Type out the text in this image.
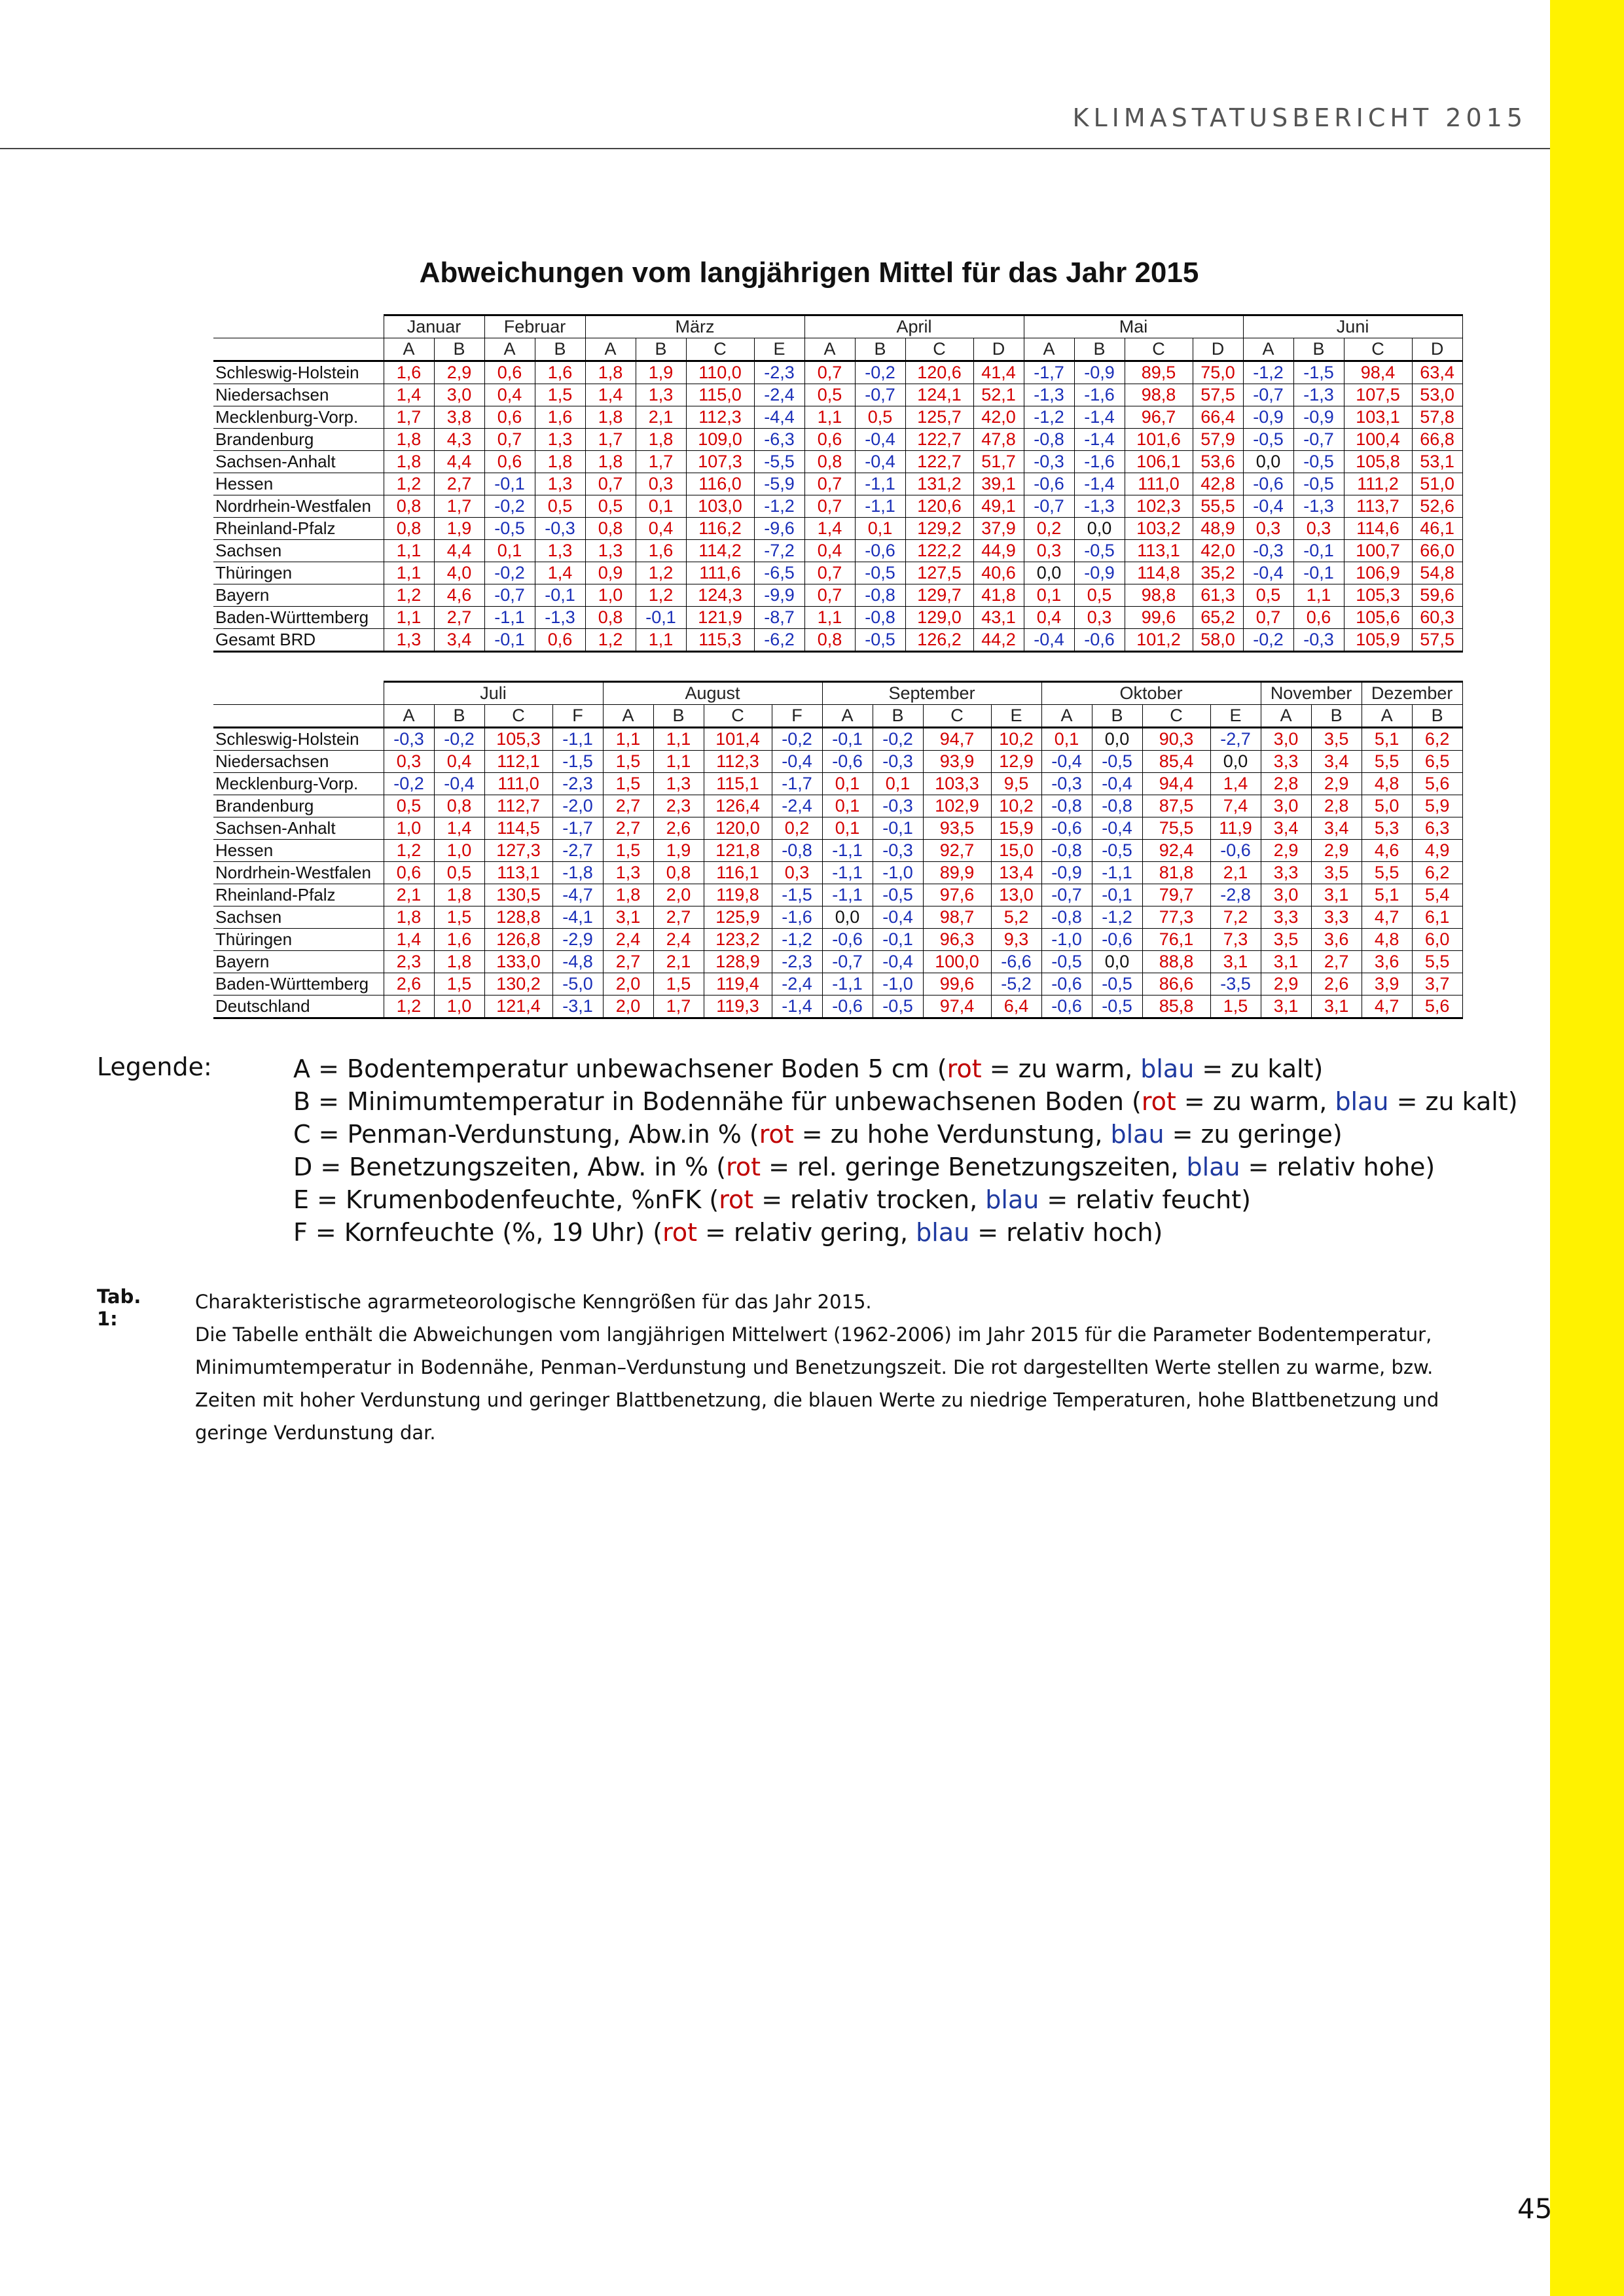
KLIMASTATUSBERICHT 2015
Abweichungen vom langjährigen Mittel für das Jahr 2015
	Januar		Februar		März				April				Mai				Juni			
	A	B	A	B	A	B	C	E	A	B	C	D	A	B	C	D	A	B	C	D
Schleswig-Holstein	1,6	2,9	0,6	1,6	1,8	1,9	110,0	-2,3	0,7	-0,2	120,6	41,4	-1,7	-0,9	89,5	75,0	-1,2	-1,5	98,4	63,4
Niedersachsen	1,4	3,0	0,4	1,5	1,4	1,3	115,0	-2,4	0,5	-0,7	124,1	52,1	-1,3	-1,6	98,8	57,5	-0,7	-1,3	107,5	53,0
Mecklenburg-Vorp.	1,7	3,8	0,6	1,6	1,8	2,1	112,3	-4,4	1,1	0,5	125,7	42,0	-1,2	-1,4	96,7	66,4	-0,9	-0,9	103,1	57,8
Brandenburg	1,8	4,3	0,7	1,3	1,7	1,8	109,0	-6,3	0,6	-0,4	122,7	47,8	-0,8	-1,4	101,6	57,9	-0,5	-0,7	100,4	66,8
Sachsen-Anhalt	1,8	4,4	0,6	1,8	1,8	1,7	107,3	-5,5	0,8	-0,4	122,7	51,7	-0,3	-1,6	106,1	53,6	0,0	-0,5	105,8	53,1
Hessen	1,2	2,7	-0,1	1,3	0,7	0,3	116,0	-5,9	0,7	-1,1	131,2	39,1	-0,6	-1,4	111,0	42,8	-0,6	-0,5	111,2	51,0
Nordrhein-Westfalen	0,8	1,7	-0,2	0,5	0,5	0,1	103,0	-1,2	0,7	-1,1	120,6	49,1	-0,7	-1,3	102,3	55,5	-0,4	-1,3	113,7	52,6
Rheinland-Pfalz	0,8	1,9	-0,5	-0,3	0,8	0,4	116,2	-9,6	1,4	0,1	129,2	37,9	0,2	0,0	103,2	48,9	0,3	0,3	114,6	46,1
Sachsen	1,1	4,4	0,1	1,3	1,3	1,6	114,2	-7,2	0,4	-0,6	122,2	44,9	0,3	-0,5	113,1	42,0	-0,3	-0,1	100,7	66,0
Thüringen	1,1	4,0	-0,2	1,4	0,9	1,2	111,6	-6,5	0,7	-0,5	127,5	40,6	0,0	-0,9	114,8	35,2	-0,4	-0,1	106,9	54,8
Bayern	1,2	4,6	-0,7	-0,1	1,0	1,2	124,3	-9,9	0,7	-0,8	129,7	41,8	0,1	0,5	98,8	61,3	0,5	1,1	105,3	59,6
Baden-Württemberg	1,1	2,7	-1,1	-1,3	0,8	-0,1	121,9	-8,7	1,1	-0,8	129,0	43,1	0,4	0,3	99,6	65,2	0,7	0,6	105,6	60,3
Gesamt BRD	1,3	3,4	-0,1	0,6	1,2	1,1	115,3	-6,2	0,8	-0,5	126,2	44,2	-0,4	-0,6	101,2	58,0	-0,2	-0,3	105,9	57,5
	Juli				August				September				Oktober				November		Dezember	
	A	B	C	F	A	B	C	F	A	B	C	E	A	B	C	E	A	B	A	B
Schleswig-Holstein	-0,3	-0,2	105,3	-1,1	1,1	1,1	101,4	-0,2	-0,1	-0,2	94,7	10,2	0,1	0,0	90,3	-2,7	3,0	3,5	5,1	6,2
Niedersachsen	0,3	0,4	112,1	-1,5	1,5	1,1	112,3	-0,4	-0,6	-0,3	93,9	12,9	-0,4	-0,5	85,4	0,0	3,3	3,4	5,5	6,5
Mecklenburg-Vorp.	-0,2	-0,4	111,0	-2,3	1,5	1,3	115,1	-1,7	0,1	0,1	103,3	9,5	-0,3	-0,4	94,4	1,4	2,8	2,9	4,8	5,6
Brandenburg	0,5	0,8	112,7	-2,0	2,7	2,3	126,4	-2,4	0,1	-0,3	102,9	10,2	-0,8	-0,8	87,5	7,4	3,0	2,8	5,0	5,9
Sachsen-Anhalt	1,0	1,4	114,5	-1,7	2,7	2,6	120,0	0,2	0,1	-0,1	93,5	15,9	-0,6	-0,4	75,5	11,9	3,4	3,4	5,3	6,3
Hessen	1,2	1,0	127,3	-2,7	1,5	1,9	121,8	-0,8	-1,1	-0,3	92,7	15,0	-0,8	-0,5	92,4	-0,6	2,9	2,9	4,6	4,9
Nordrhein-Westfalen	0,6	0,5	113,1	-1,8	1,3	0,8	116,1	0,3	-1,1	-1,0	89,9	13,4	-0,9	-1,1	81,8	2,1	3,3	3,5	5,5	6,2
Rheinland-Pfalz	2,1	1,8	130,5	-4,7	1,8	2,0	119,8	-1,5	-1,1	-0,5	97,6	13,0	-0,7	-0,1	79,7	-2,8	3,0	3,1	5,1	5,4
Sachsen	1,8	1,5	128,8	-4,1	3,1	2,7	125,9	-1,6	0,0	-0,4	98,7	5,2	-0,8	-1,2	77,3	7,2	3,3	3,3	4,7	6,1
Thüringen	1,4	1,6	126,8	-2,9	2,4	2,4	123,2	-1,2	-0,6	-0,1	96,3	9,3	-1,0	-0,6	76,1	7,3	3,5	3,6	4,8	6,0
Bayern	2,3	1,8	133,0	-4,8	2,7	2,1	128,9	-2,3	-0,7	-0,4	100,0	-6,6	-0,5	0,0	88,8	3,1	3,1	2,7	3,6	5,5
Baden-Württemberg	2,6	1,5	130,2	-5,0	2,0	1,5	119,4	-2,4	-1,1	-1,0	99,6	-5,2	-0,6	-0,5	86,6	-3,5	2,9	2,6	3,9	3,7
Deutschland	1,2	1,0	121,4	-3,1	2,0	1,7	119,3	-1,4	-0,6	-0,5	97,4	6,4	-0,6	-0,5	85,8	1,5	3,1	3,1	4,7	5,6
Legende:	A = Bodentemperatur unbewachsener Boden 5 cm (rot = zu warm, blau = zu kalt)
B = Minimumtemperatur in Bodennähe für unbewachsenen Boden (rot = zu warm, blau = zu kalt)
C = Penman-Verdunstung, Abw.in % (rot = zu hohe Verdunstung, blau = zu geringe)
D = Benetzungszeiten, Abw. in % (rot = rel. geringe Benetzungszeiten, blau = relativ hohe)
E = Krumenbodenfeuchte, %nFK (rot = relativ trocken, blau = relativ feucht)
F = Kornfeuchte (%, 19 Uhr) (rot = relativ gering, blau = relativ hoch)
Tab. 1:
Charakteristische agrarmeteorologische Kenngrößen für das Jahr 2015.
Die Tabelle enthält die Abweichungen vom langjährigen Mittelwert (1962-2006) im Jahr 2015 für die Parameter Bodentemperatur,
Minimumtemperatur in Bodennähe, Penman–Verdunstung und Benetzungszeit. Die rot dargestellten Werte stellen zu warme, bzw.
Zeiten mit hoher Verdunstung und geringer Blattbenetzung, die blauen Werte zu niedrige Temperaturen, hohe Blattbenetzung und
geringe Verdunstung dar.
45
